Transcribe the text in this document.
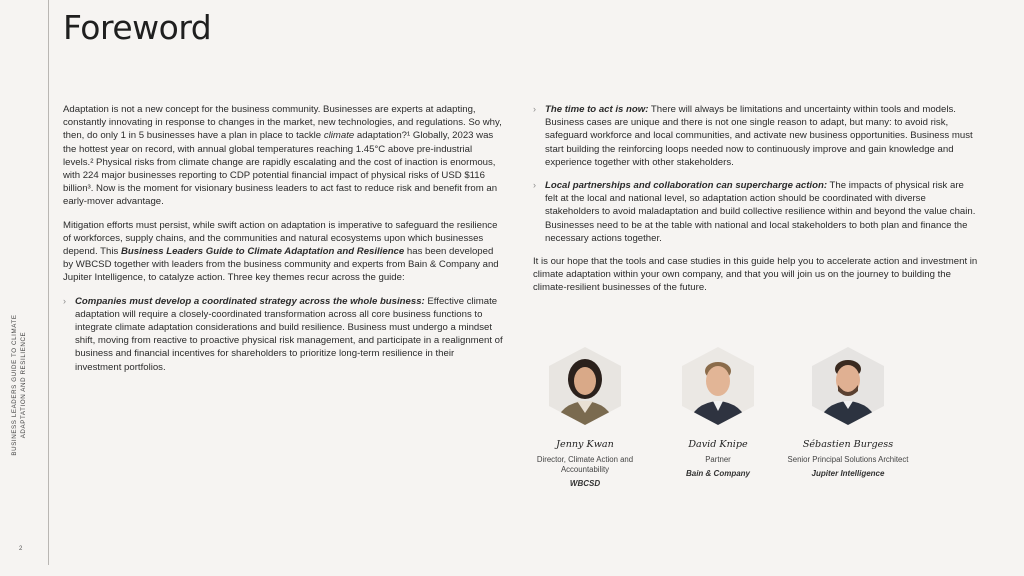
BUSINESS LEADERS GUIDE TO CLIMATE ADAPTATION AND RESILIENCE
2
Foreword

Adaptation is not a new concept for the business community. Businesses are experts at adapting, constantly innovating in response to changes in the market, new technologies, and regulations. So why, then, do only 1 in 5 businesses have a plan in place to tackle climate adaptation?¹ Globally, 2023 was the hottest year on record, with annual global temperatures reaching 1.45°C above pre-industrial levels.² Physical risks from climate change are rapidly escalating and the cost of inaction is enormous, with 224 major businesses reporting to CDP potential financial impact of physical risks of USD $116 billion³. Now is the moment for visionary business leaders to act fast to reduce risk and benefit from an early-mover advantage.

Mitigation efforts must persist, while swift action on adaptation is imperative to safeguard the resilience of workforces, supply chains, and the communities and natural ecosystems upon which businesses depend. This Business Leaders Guide to Climate Adaptation and Resilience has been developed by WBCSD together with leaders from the business community and experts from Bain & Company and Jupiter Intelligence, to catalyze action. Three key themes recur across the guide:

› Companies must develop a coordinated strategy across the whole business: Effective climate adaptation will require a closely-coordinated transformation across all core business functions to integrate climate adaptation considerations and build resilience. Business must undergo a mindset shift, moving from reactive to proactive physical risk management, and participate in a realignment of business and financial incentives for shareholders to prioritize long-term resilience in their investment portfolios.
› The time to act is now: There will always be limitations and uncertainty within tools and models. Business cases are unique and there is not one single reason to adapt, but many: to avoid risk, safeguard workforce and local communities, and activate new business opportunities. Business must start building the reinforcing loops needed now to continuously improve and gain knowledge and experience together with other stakeholders.
› Local partnerships and collaboration can supercharge action: The impacts of physical risk are felt at the local and national level, so adaptation action should be coordinated with diverse stakeholders to avoid maladaptation and build collective resilience within and beyond the value chain. Businesses need to be at the table with national and local stakeholders to both plan and finance the necessary actions together.

It is our hope that the tools and case studies in this guide help you to accelerate action and investment in climate adaptation within your own company, and that you will join us on the journey to building the climate-resilient businesses of the future.

Jenny Kwan
Director, Climate Action and Accountability
WBCSD
David Knipe
Partner
Bain & Company
Sébastien Burgess
Senior Principal Solutions Architect
Jupiter Intelligence
